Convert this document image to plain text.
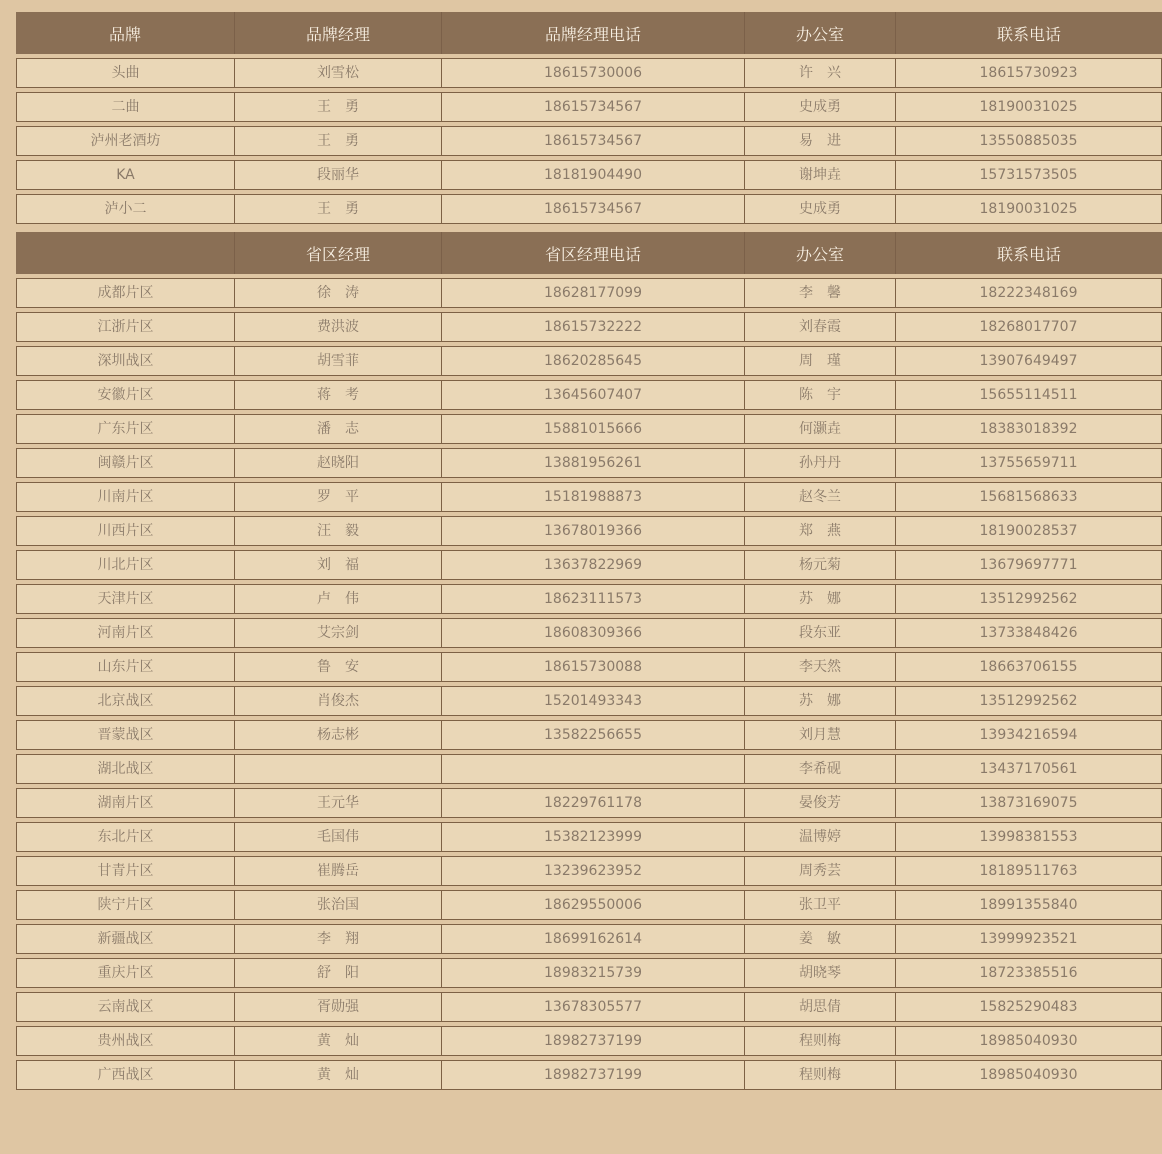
品牌	品牌经理	品牌经理电话	办公室	联系电话
头曲	刘雪松	18615730006	许　兴	18615730923
二曲	王　勇	18615734567	史成勇	18190031025
泸州老酒坊	王　勇	18615734567	易　进	13550885035
KA	段丽华	18181904490	谢坤垚	15731573505
泸小二	王　勇	18615734567	史成勇	18190031025
	省区经理	省区经理电话	办公室	联系电话
成都片区	徐　涛	18628177099	李　馨	18222348169
江浙片区	费洪波	18615732222	刘春霞	18268017707
深圳战区	胡雪菲	18620285645	周　瑾	13907649497
安徽片区	蒋　考	13645607407	陈　宇	15655114511
广东片区	潘　志	15881015666	何灏垚	18383018392
闽赣片区	赵晓阳	13881956261	孙丹丹	13755659711
川南片区	罗　平	15181988873	赵冬兰	15681568633
川西片区	汪　毅	13678019366	郑　燕	18190028537
川北片区	刘　福	13637822969	杨元菊	13679697771
天津片区	卢　伟	18623111573	苏　娜	13512992562
河南片区	艾宗剑	18608309366	段东亚	13733848426
山东片区	鲁　安	18615730088	李天然	18663706155
北京战区	肖俊杰	15201493343	苏　娜	13512992562
晋蒙战区	杨志彬	13582256655	刘月慧	13934216594
湖北战区			李希砚	13437170561
湖南片区	王元华	18229761178	晏俊芳	13873169075
东北片区	毛国伟	15382123999	温博婷	13998381553
甘青片区	崔腾岳	13239623952	周秀芸	18189511763
陕宁片区	张治国	18629550006	张卫平	18991355840
新疆战区	李　翔	18699162614	姜　敏	13999923521
重庆片区	舒　阳	18983215739	胡晓琴	18723385516
云南战区	胥勋强	13678305577	胡思倩	15825290483
贵州战区	黄　灿	18982737199	程则梅	18985040930
广西战区	黄　灿	18982737199	程则梅	18985040930
